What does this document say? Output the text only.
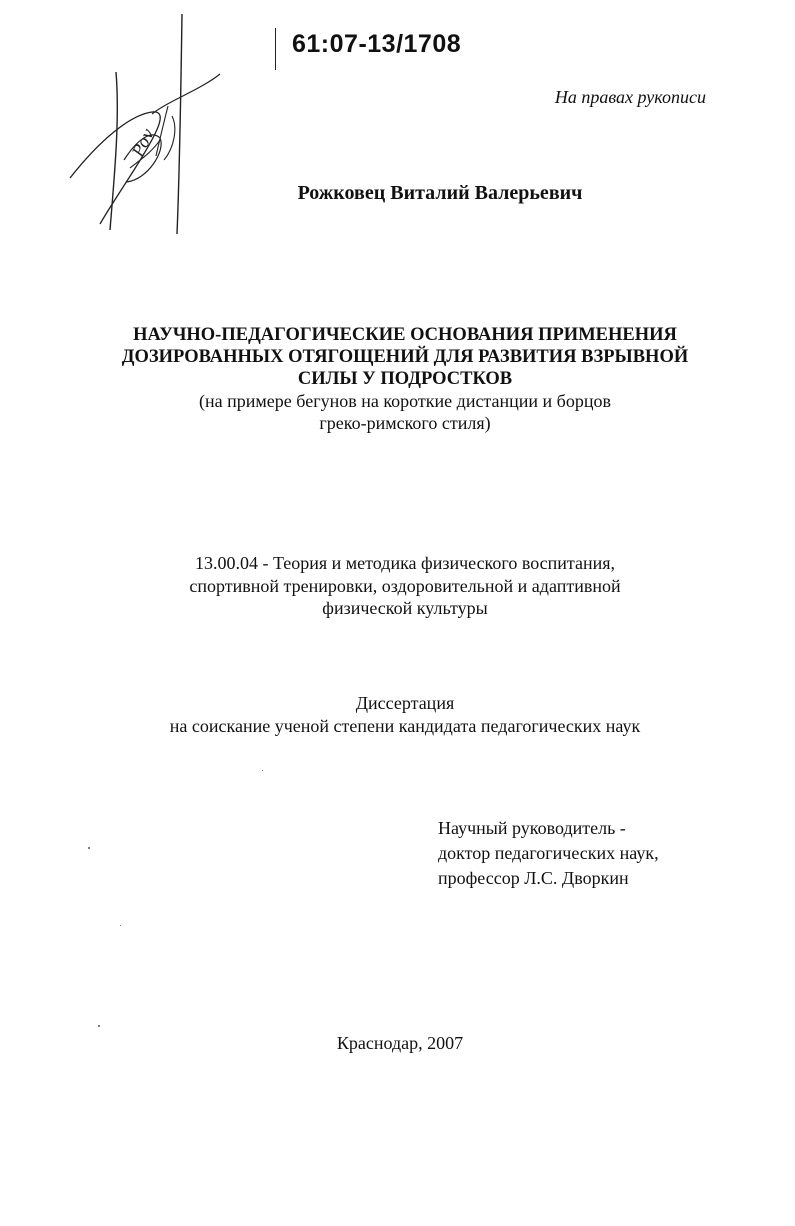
Pov
61:07-13/1708
На правах рукописи
Рожковец Виталий Валерьевич
НАУЧНО-ПЕДАГОГИЧЕСКИЕ ОСНОВАНИЯ ПРИМЕНЕНИЯ
ДОЗИРОВАННЫХ ОТЯГОЩЕНИЙ ДЛЯ РАЗВИТИЯ ВЗРЫВНОЙ
СИЛЫ У ПОДРОСТКОВ
(на примере бегунов на короткие дистанции и борцов
греко-римского стиля)
13.00.04 - Теория и методика физического воспитания,
спортивной тренировки, оздоровительной и адаптивной
физической культуры
Диссертация
на соискание ученой степени кандидата педагогических наук
Научный руководитель -
доктор педагогических наук,
профессор Л.С. Дворкин
Краснодар, 2007
